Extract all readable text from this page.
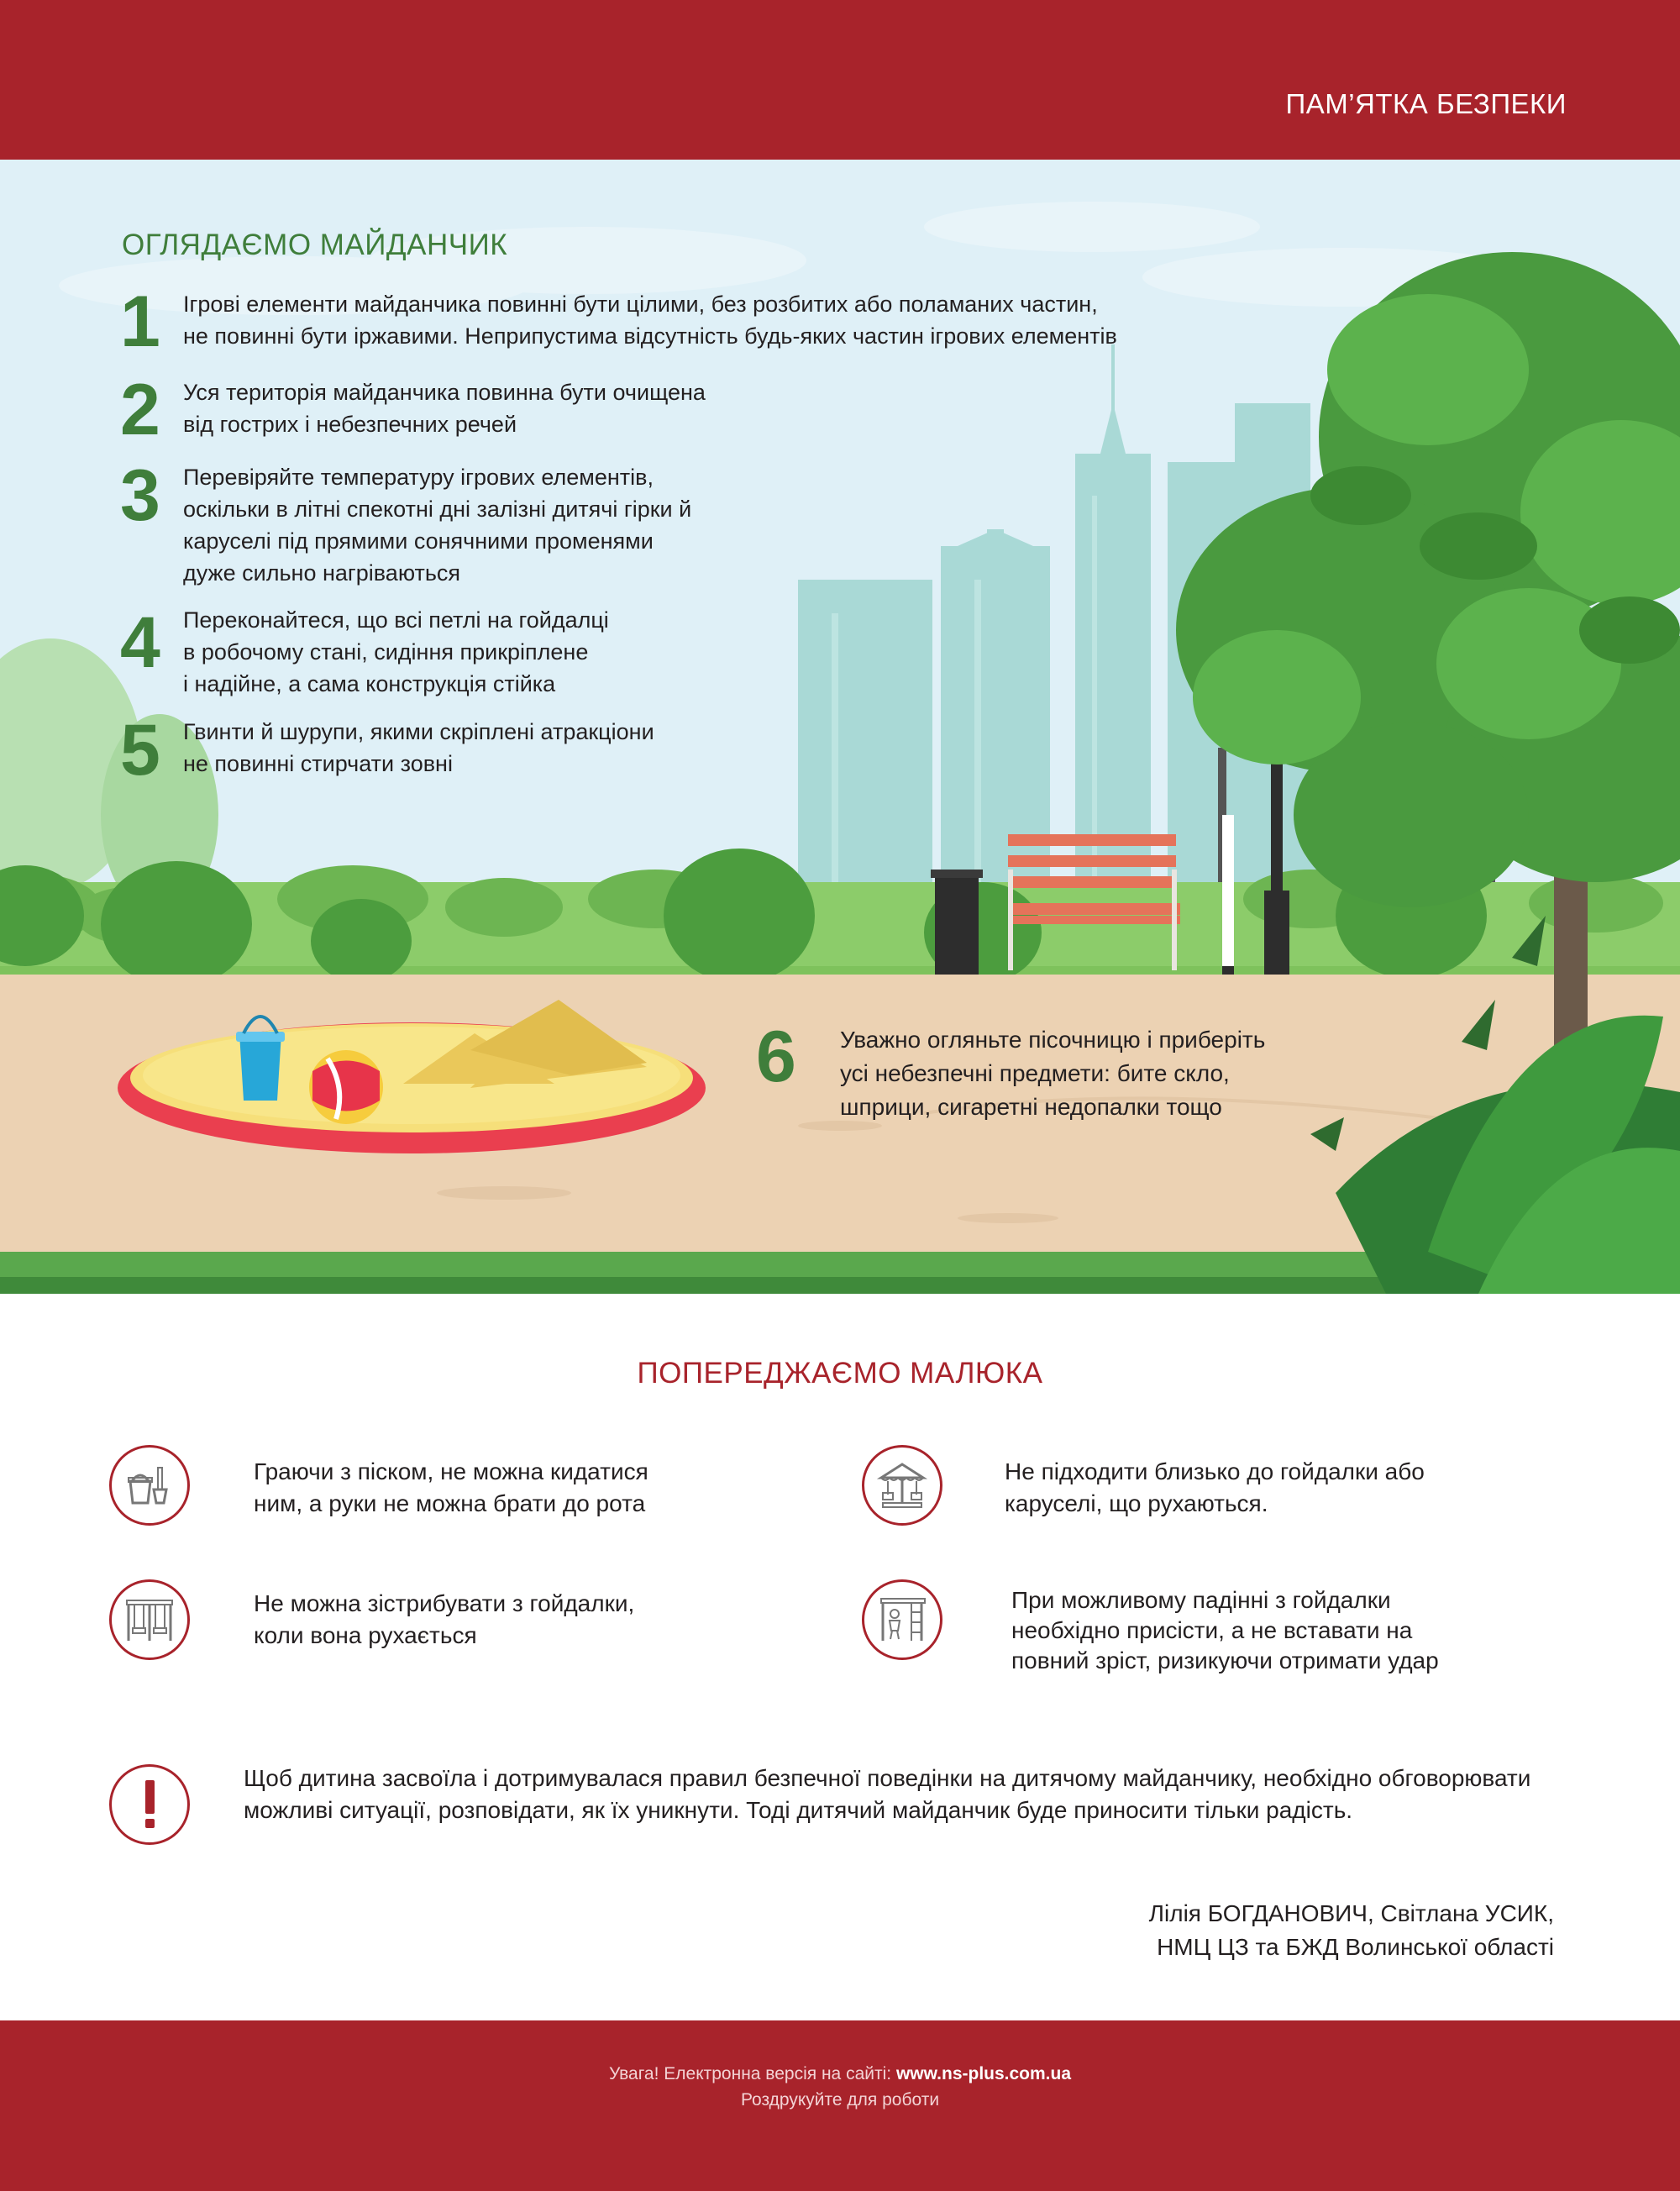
ПАМ’ЯТКА БЕЗПЕКИ
ОГЛЯДАЄМО МАЙДАНЧИК
1 Ігрові елементи майданчика повинні бути цілими, без розбитих або поламаних частин,
не повинні бути іржавими. Неприпустима відсутність будь-яких частин ігрових елементів
2 Уся територія майданчика повинна бути очищена
від гострих і небезпечних речей
3 Перевіряйте температуру ігрових елементів,
оскільки в літні спекотні дні залізні дитячі гірки й
каруселі під прямими сонячними променями
дуже сильно нагріваються
4 Переконайтеся, що всі петлі на гойдалці
в робочому стані, сидіння прикріплене
і надійне, а сама конструкція стійка
5 Гвинти й шурупи, якими скріплені атракціони
не повинні стирчати зовні
6 Уважно огляньте пісочницю і приберіть
усі небезпечні предмети: бите скло,
шприци, сигаретні недопалки тощо
ПОПЕРЕДЖАЄМО МАЛЮКА
Граючи з піском, не можна кидатися
ним, а руки не можна брати до рота
Не підходити близько до гойдалки або
каруселі, що рухаються.
Не можна зістрибувати з гойдалки,
коли вона рухається
При можливому падінні з гойдалки
необхідно присісти, а не вставати на
повний зріст, ризикуючи отримати удар
Щоб дитина засвоїла і дотримувалася правил безпечної поведінки на дитячому майданчику, необхідно обговорювати можливі ситуації, розповідати, як їх уникнути. Тоді дитячий майданчик буде приносити тільки радість.
Лілія БОГДАНОВИЧ, Світлана УСИК,
НМЦ ЦЗ та БЖД Волинської області
Увага! Електронна версія на сайті: www.ns-plus.com.ua
Роздрукуйте для роботи
